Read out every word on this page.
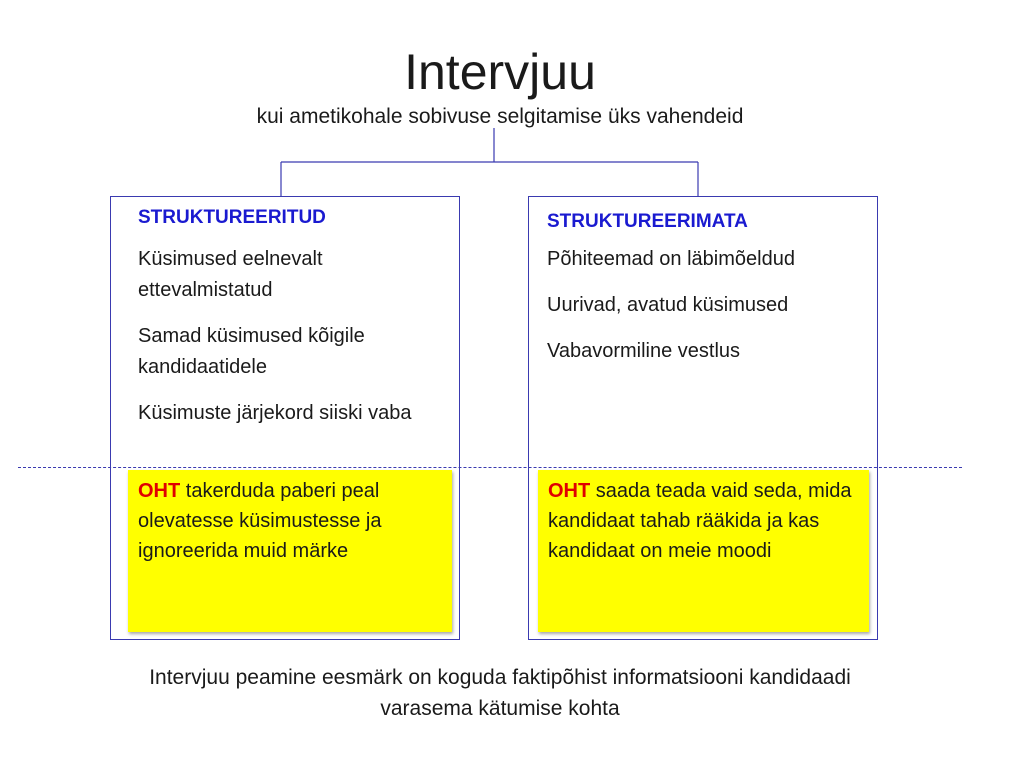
Intervjuu
kui ametikohale sobivuse selgitamise üks vahendeid
STRUKTUREERITUD	STRUKTUREERIMATA
Küsimused eelnevalt ettevalmistatud
Samad küsimused kõigile kandidaatidele
Küsimuste järjekord siiski vaba
Põhiteemad on läbimõeldud
Uurivad, avatud küsimused
Vabavormiline vestlus
OHT takerduda paberi peal olevatesse küsimustesse ja ignoreerida muid märke
OHT saada teada vaid seda, mida kandidaat tahab rääkida ja kas kandidaat on meie moodi
Intervjuu peamine eesmärk on koguda faktipõhist informatsiooni kandidaadi
varasema kätumise kohta
